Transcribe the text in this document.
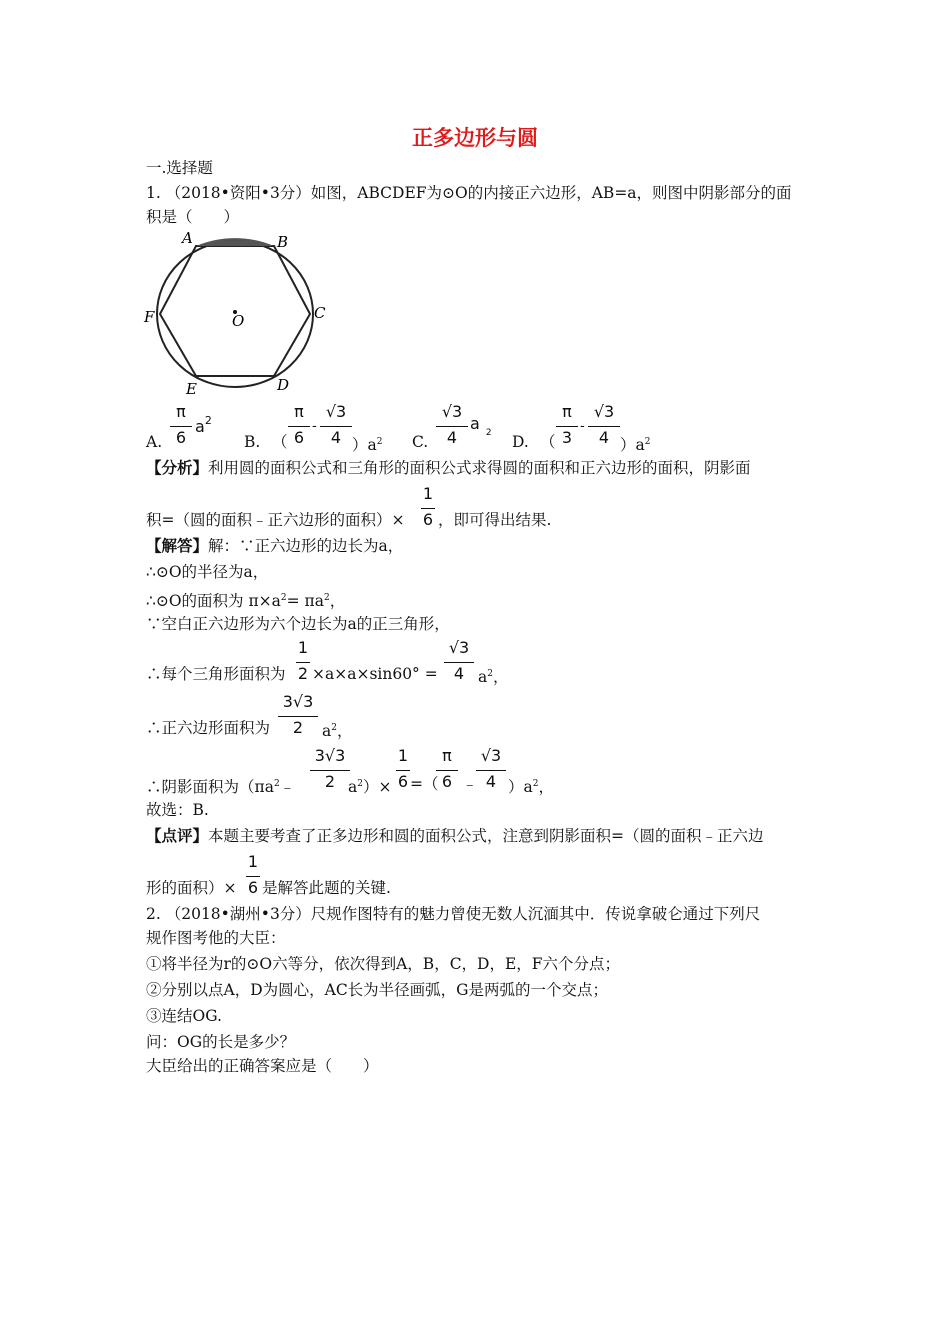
正多边形与圆
一.选择题
1. （2018•资阳•3分）如图，ABCDEF为⊙O的内接正六边形，AB=a，则图中阴影部分的面
积是（　　）
A	B
C
D
E
F	O
A.
π
6
$a^2$
B. （
π
6
-
√3
4 ）$a^2$ C.
√3
4
a $_2$ D. （
π
3
-
√3
4 ）$a^2$
【分析】利用圆的面积公式和三角形的面积公式求得圆的面积和正六边形的面积，阴影面
积=（圆的面积﹣正六边形的面积）×
1
6 ，即可得出结果.
【解答】解：∵正六边形的边长为a，
∴⊙O的半径为a，
∴⊙O的面积为 $\pi\times a^2= \pi a^2$，
∵空白正六边形为六个边长为a的正三角形，
∴每个三角形面积为
1
2 ×a×a×sin60° =
√3
4 $a^2$，
∴正六边形面积为
3√3
2	$a^2$，
∴阴影面积为（$\pi a^2﹣$
3√3
2 $a^2)\times$
1
6 =（
π
6 ﹣
√3
4 ）$a^2$，
故选：B.
【点评】本题主要考查了正多边形和圆的面积公式，注意到阴影面积=（圆的面积﹣正六边
形的面积）×
1
6 是解答此题的关键.
2. （2018•湖州•3分）尺规作图特有的魅力曾使无数人沉湎其中．传说拿破仑通过下列尺
规作图考他的大臣：
①将半径为r的⊙O六等分，依次得到A，B，C，D，E，F六个分点；
②分别以点A，D为圆心，AC长为半径画弧，G是两弧的一个交点；
③连结OG.
问：OG的长是多少？
大臣给出的正确答案应是（　　）
